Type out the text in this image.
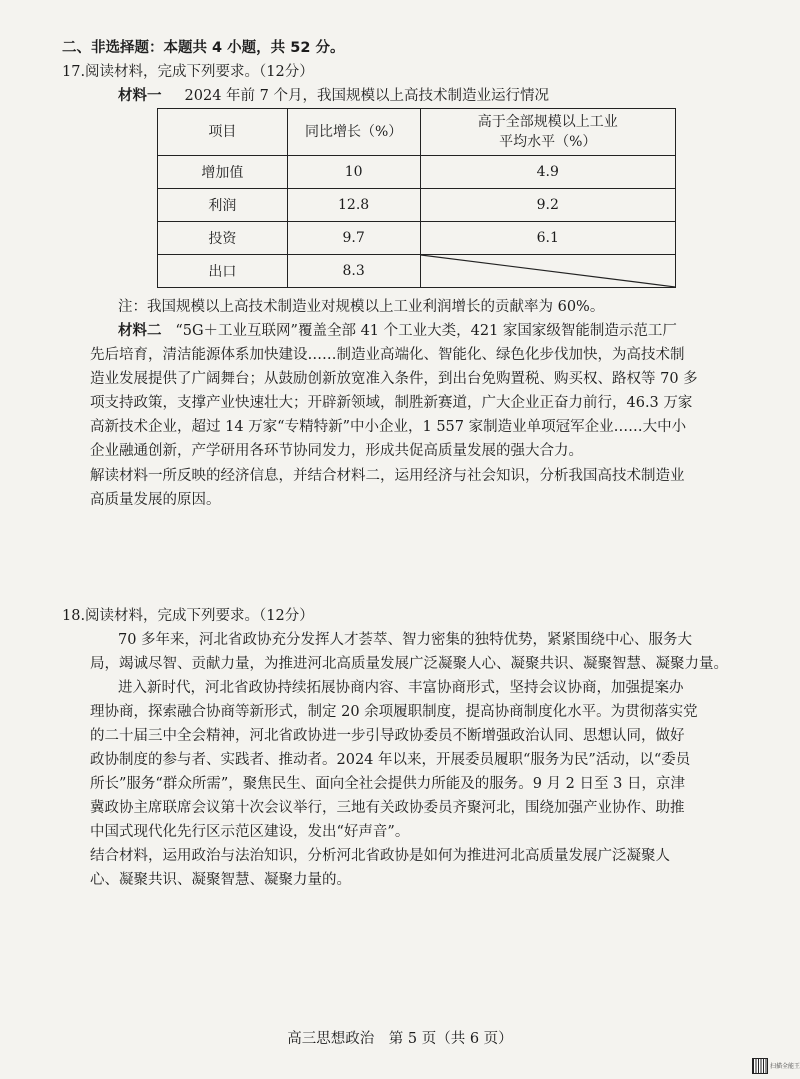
二、非选择题：本题共 4 小题，共 52 分。
17.阅读材料，完成下列要求。（12分）
材料一 2024 年前 7 个月，我国规模以上高技术制造业运行情况
项目	同比增长（%）	高于全部规模以上工业
平均水平（%）
增加值	10	4.9
利润	12.8	9.2
投资	9.7	6.1
出口	8.3	
注：我国规模以上高技术制造业对规模以上工业利润增长的贡献率为 60%。
材料二 “5G＋工业互联网”覆盖全部 41 个工业大类，421 家国家级智能制造示范工厂
先后培育，清洁能源体系加快建设……制造业高端化、智能化、绿色化步伐加快，为高技术制
造业发展提供了广阔舞台；从鼓励创新放宽准入条件，到出台免购置税、购买权、路权等 70 多
项支持政策，支撑产业快速壮大；开辟新领域，制胜新赛道，广大企业正奋力前行，46.3 万家
高新技术企业，超过 14 万家“专精特新”中小企业，1 557 家制造业单项冠军企业……大中小
企业融通创新，产学研用各环节协同发力，形成共促高质量发展的强大合力。
解读材料一所反映的经济信息，并结合材料二，运用经济与社会知识，分析我国高技术制造业
高质量发展的原因。
18.阅读材料，完成下列要求。（12分）
70 多年来，河北省政协充分发挥人才荟萃、智力密集的独特优势，紧紧围绕中心、服务大
局，竭诚尽智、贡献力量，为推进河北高质量发展广泛凝聚人心、凝聚共识、凝聚智慧、凝聚力量。
进入新时代，河北省政协持续拓展协商内容、丰富协商形式，坚持会议协商，加强提案办
理协商，探索融合协商等新形式，制定 20 余项履职制度，提高协商制度化水平。为贯彻落实党
的二十届三中全会精神，河北省政协进一步引导政协委员不断增强政治认同、思想认同，做好
政协制度的参与者、实践者、推动者。2024 年以来，开展委员履职“服务为民”活动，以“委员
所长”服务“群众所需”，聚焦民生、面向全社会提供力所能及的服务。9 月 2 日至 3 日，京津
冀政协主席联席会议第十次会议举行，三地有关政协委员齐聚河北，围绕加强产业协作、助推
中国式现代化先行区示范区建设，发出“好声音”。
结合材料，运用政治与法治知识，分析河北省政协是如何为推进河北高质量发展广泛凝聚人
心、凝聚共识、凝聚智慧、凝聚力量的。
高三思想政治　第 5 页（共 6 页）
扫描全能王
